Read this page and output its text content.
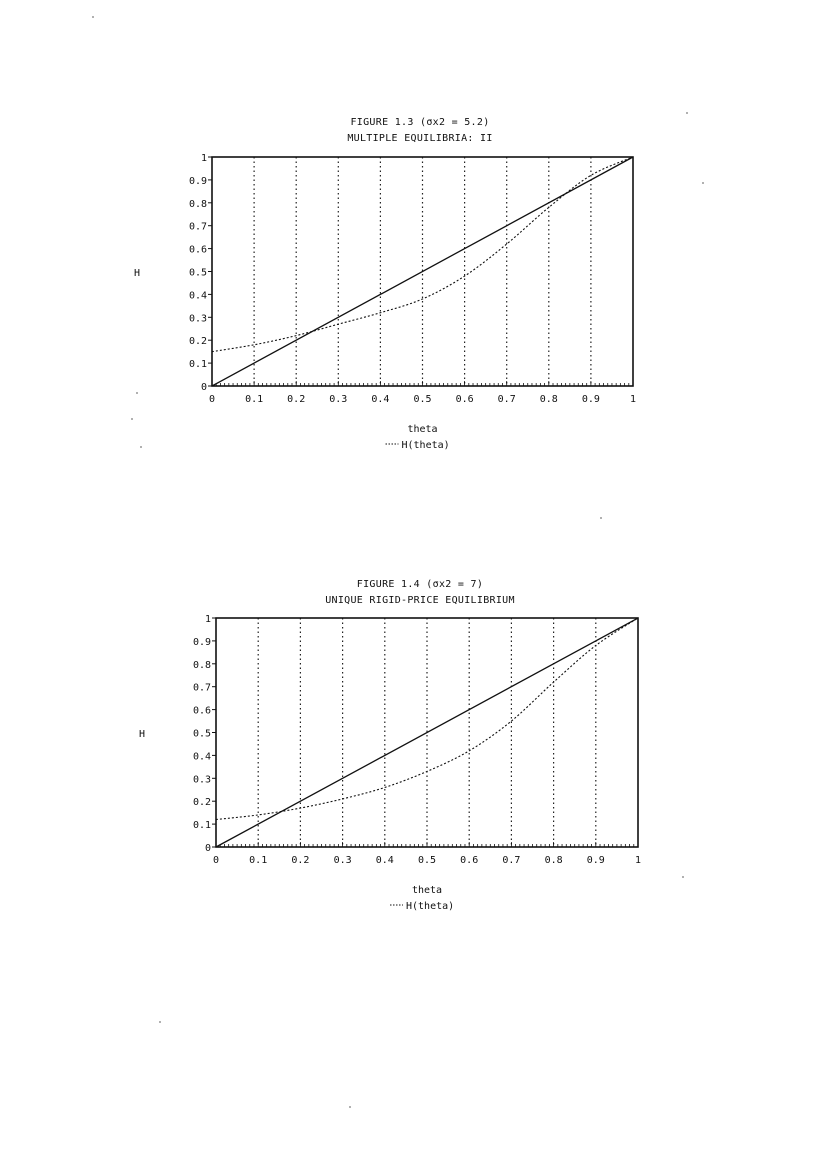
FIGURE 1.3 (σx2 = 5.2)
MULTIPLE EQUILIBRIA: II
0
0.1
0.2
0.3
0.4
0.5
0.6
0.7
0.8
0.9
1
0	0.1 0.2 0.3 0.4 0.5 0.6 0.7 0.8 0.9	1
H
theta
H(theta)
FIGURE 1.4 (σx2 = 7)
UNIQUE RIGID-PRICE EQUILIBRIUM
0
0.1
0.2
0.3
0.4
0.5
0.6
0.7
0.8
0.9
1
0	0.1 0.2 0.3 0.4 0.5 0.6 0.7 0.8 0.9	1
H
theta
H(theta)
